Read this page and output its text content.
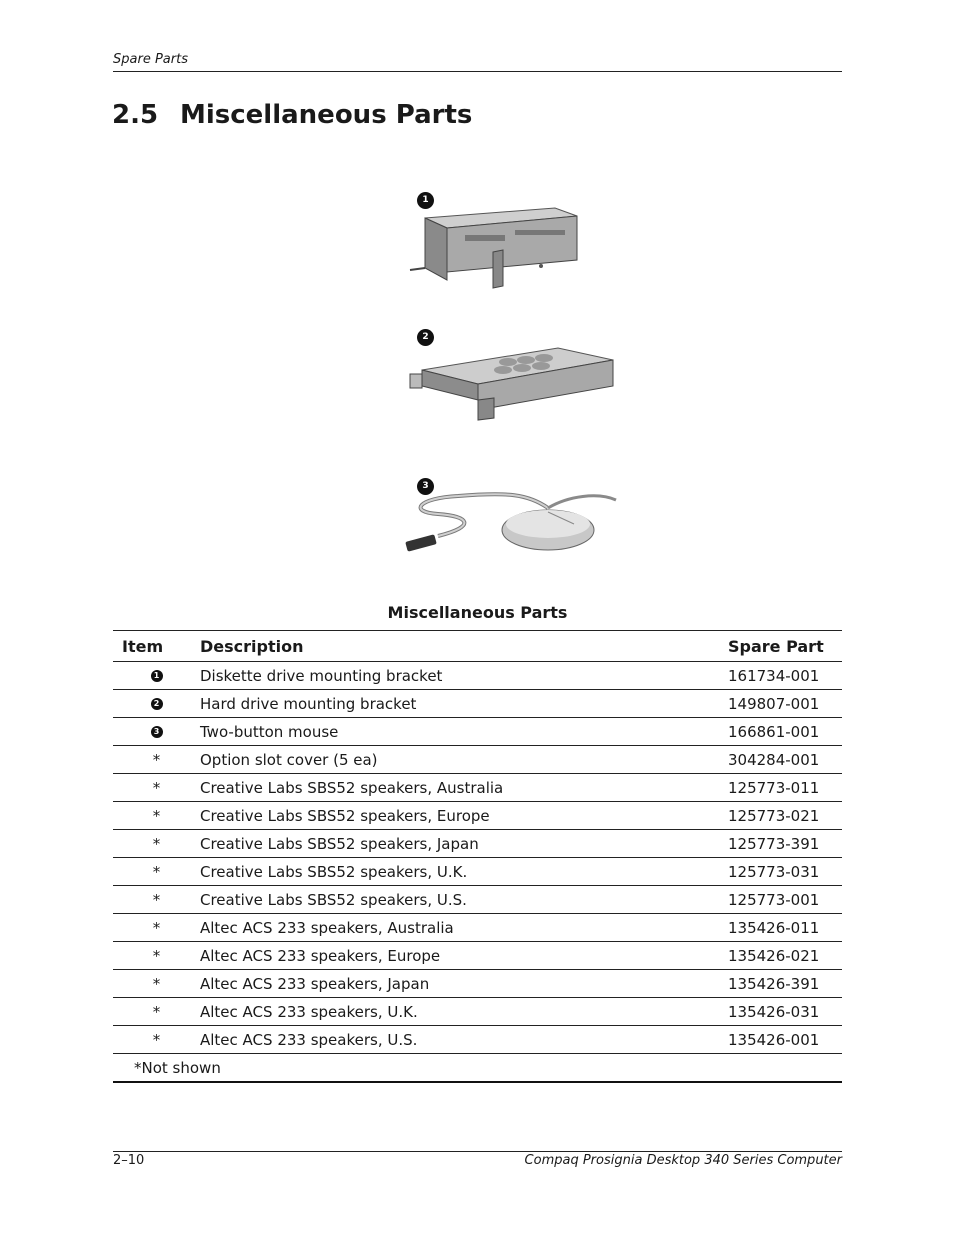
Spare Parts
2.5 Miscellaneous Parts
1
2
3
Miscellaneous Parts
Item	Description	Spare Part
1	Diskette drive mounting bracket	161734-001
2	Hard drive mounting bracket	149807-001
3	Two-button mouse	166861-001
*	Option slot cover (5 ea)	304284-001
*	Creative Labs SBS52 speakers, Australia	125773-011
*	Creative Labs SBS52 speakers, Europe	125773-021
*	Creative Labs SBS52 speakers, Japan	125773-391
*	Creative Labs SBS52 speakers, U.K.	125773-031
*	Creative Labs SBS52 speakers, U.S.	125773-001
*	Altec ACS 233 speakers, Australia	135426-011
*	Altec ACS 233 speakers, Europe	135426-021
*	Altec ACS 233 speakers, Japan	135426-391
*	Altec ACS 233 speakers, U.K.	135426-031
*	Altec ACS 233 speakers, U.S.	135426-001
*Not shown		
2–10	Compaq Prosignia Desktop 340 Series Computer
